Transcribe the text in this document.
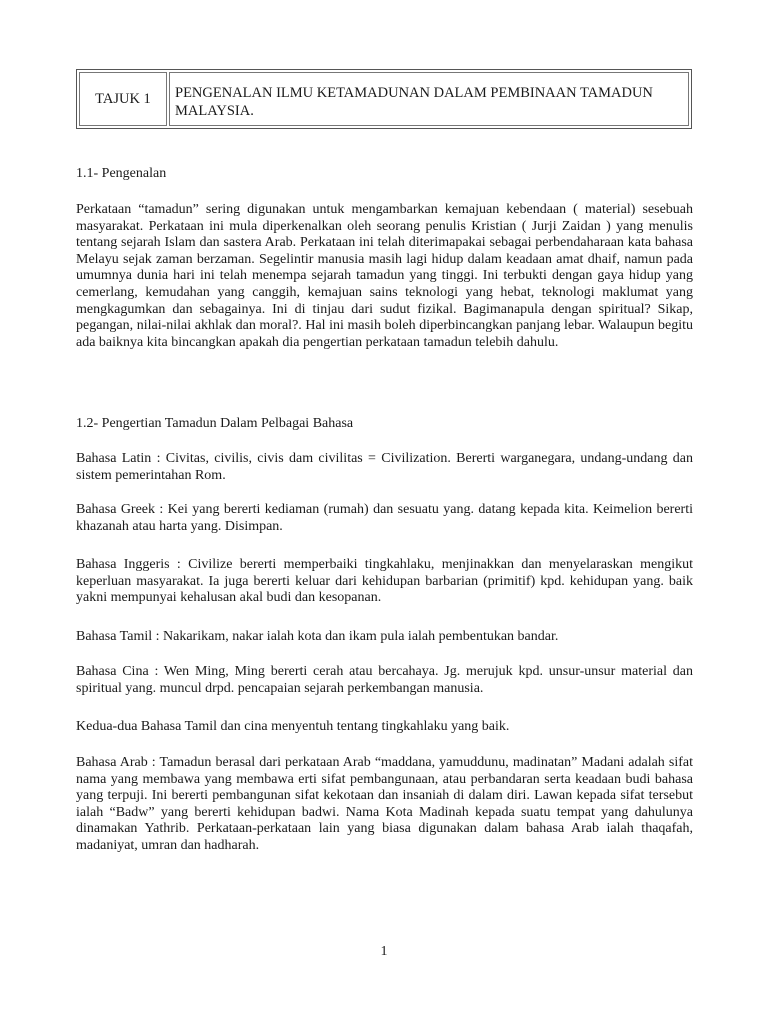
TAJUK 1	PENGENALAN ILMU KETAMADUNAN DALAM PEMBINAAN TAMADUN MALAYSIA.
1.1- Pengenalan

Perkataan “tamadun” sering digunakan untuk mengambarkan kemajuan kebendaan ( material) sesebuah masyarakat. Perkataan ini mula diperkenalkan oleh seorang penulis Kristian ( Jurji Zaidan ) yang menulis tentang sejarah Islam dan sastera Arab. Perkataan ini telah diterimapakai sebagai perbendaharaan kata bahasa Melayu sejak zaman berzaman. Segelintir manusia masih lagi hidup dalam keadaan amat dhaif, namun pada umumnya dunia hari ini telah menempa sejarah tamadun yang tinggi. Ini terbukti dengan gaya hidup yang cemerlang, kemudahan yang canggih, kemajuan sains teknologi yang hebat, teknologi maklumat yang mengkagumkan dan sebagainya. Ini di tinjau dari sudut fizikal. Bagimanapula dengan spiritual? Sikap, pegangan, nilai-nilai akhlak dan moral?. Hal ini masih boleh diperbincangkan panjang lebar. Walaupun begitu ada baiknya kita bincangkan apakah dia pengertian perkataan tamadun telebih dahulu.

1.2- Pengertian Tamadun Dalam Pelbagai Bahasa

Bahasa Latin : Civitas, civilis, civis dam civilitas = Civilization. Bererti warganegara, undang-undang dan sistem pemerintahan Rom.

Bahasa Greek : Kei yang bererti kediaman (rumah) dan sesuatu yang. datang kepada kita. Keimelion bererti khazanah atau harta yang. Disimpan.

Bahasa Inggeris : Civilize bererti memperbaiki tingkahlaku, menjinakkan dan menyelaraskan mengikut keperluan masyarakat. Ia juga bererti keluar dari kehidupan barbarian (primitif) kpd. kehidupan yang. baik yakni mempunyai kehalusan akal budi dan kesopanan.

Bahasa Tamil : Nakarikam, nakar ialah kota dan ikam pula ialah pembentukan bandar.

Bahasa Cina : Wen Ming, Ming bererti cerah atau bercahaya. Jg. merujuk kpd. unsur-unsur material dan spiritual yang. muncul drpd. pencapaian sejarah perkembangan manusia.

Kedua-dua Bahasa Tamil dan cina menyentuh tentang tingkahlaku yang baik.

Bahasa Arab : Tamadun berasal dari perkataan Arab “maddana, yamuddunu, madinatan” Madani adalah sifat nama yang membawa yang membawa erti sifat pembangunaan, atau perbandaran serta keadaan budi bahasa yang terpuji. Ini bererti pembangunan sifat kekotaan dan insaniah di dalam diri. Lawan kepada sifat tersebut ialah “Badw” yang bererti kehidupan badwi. Nama Kota Madinah kepada suatu tempat yang dahulunya dinamakan Yathrib. Perkataan-perkataan lain yang biasa digunakan dalam bahasa Arab ialah thaqafah, madaniyat, umran dan hadharah.

1
